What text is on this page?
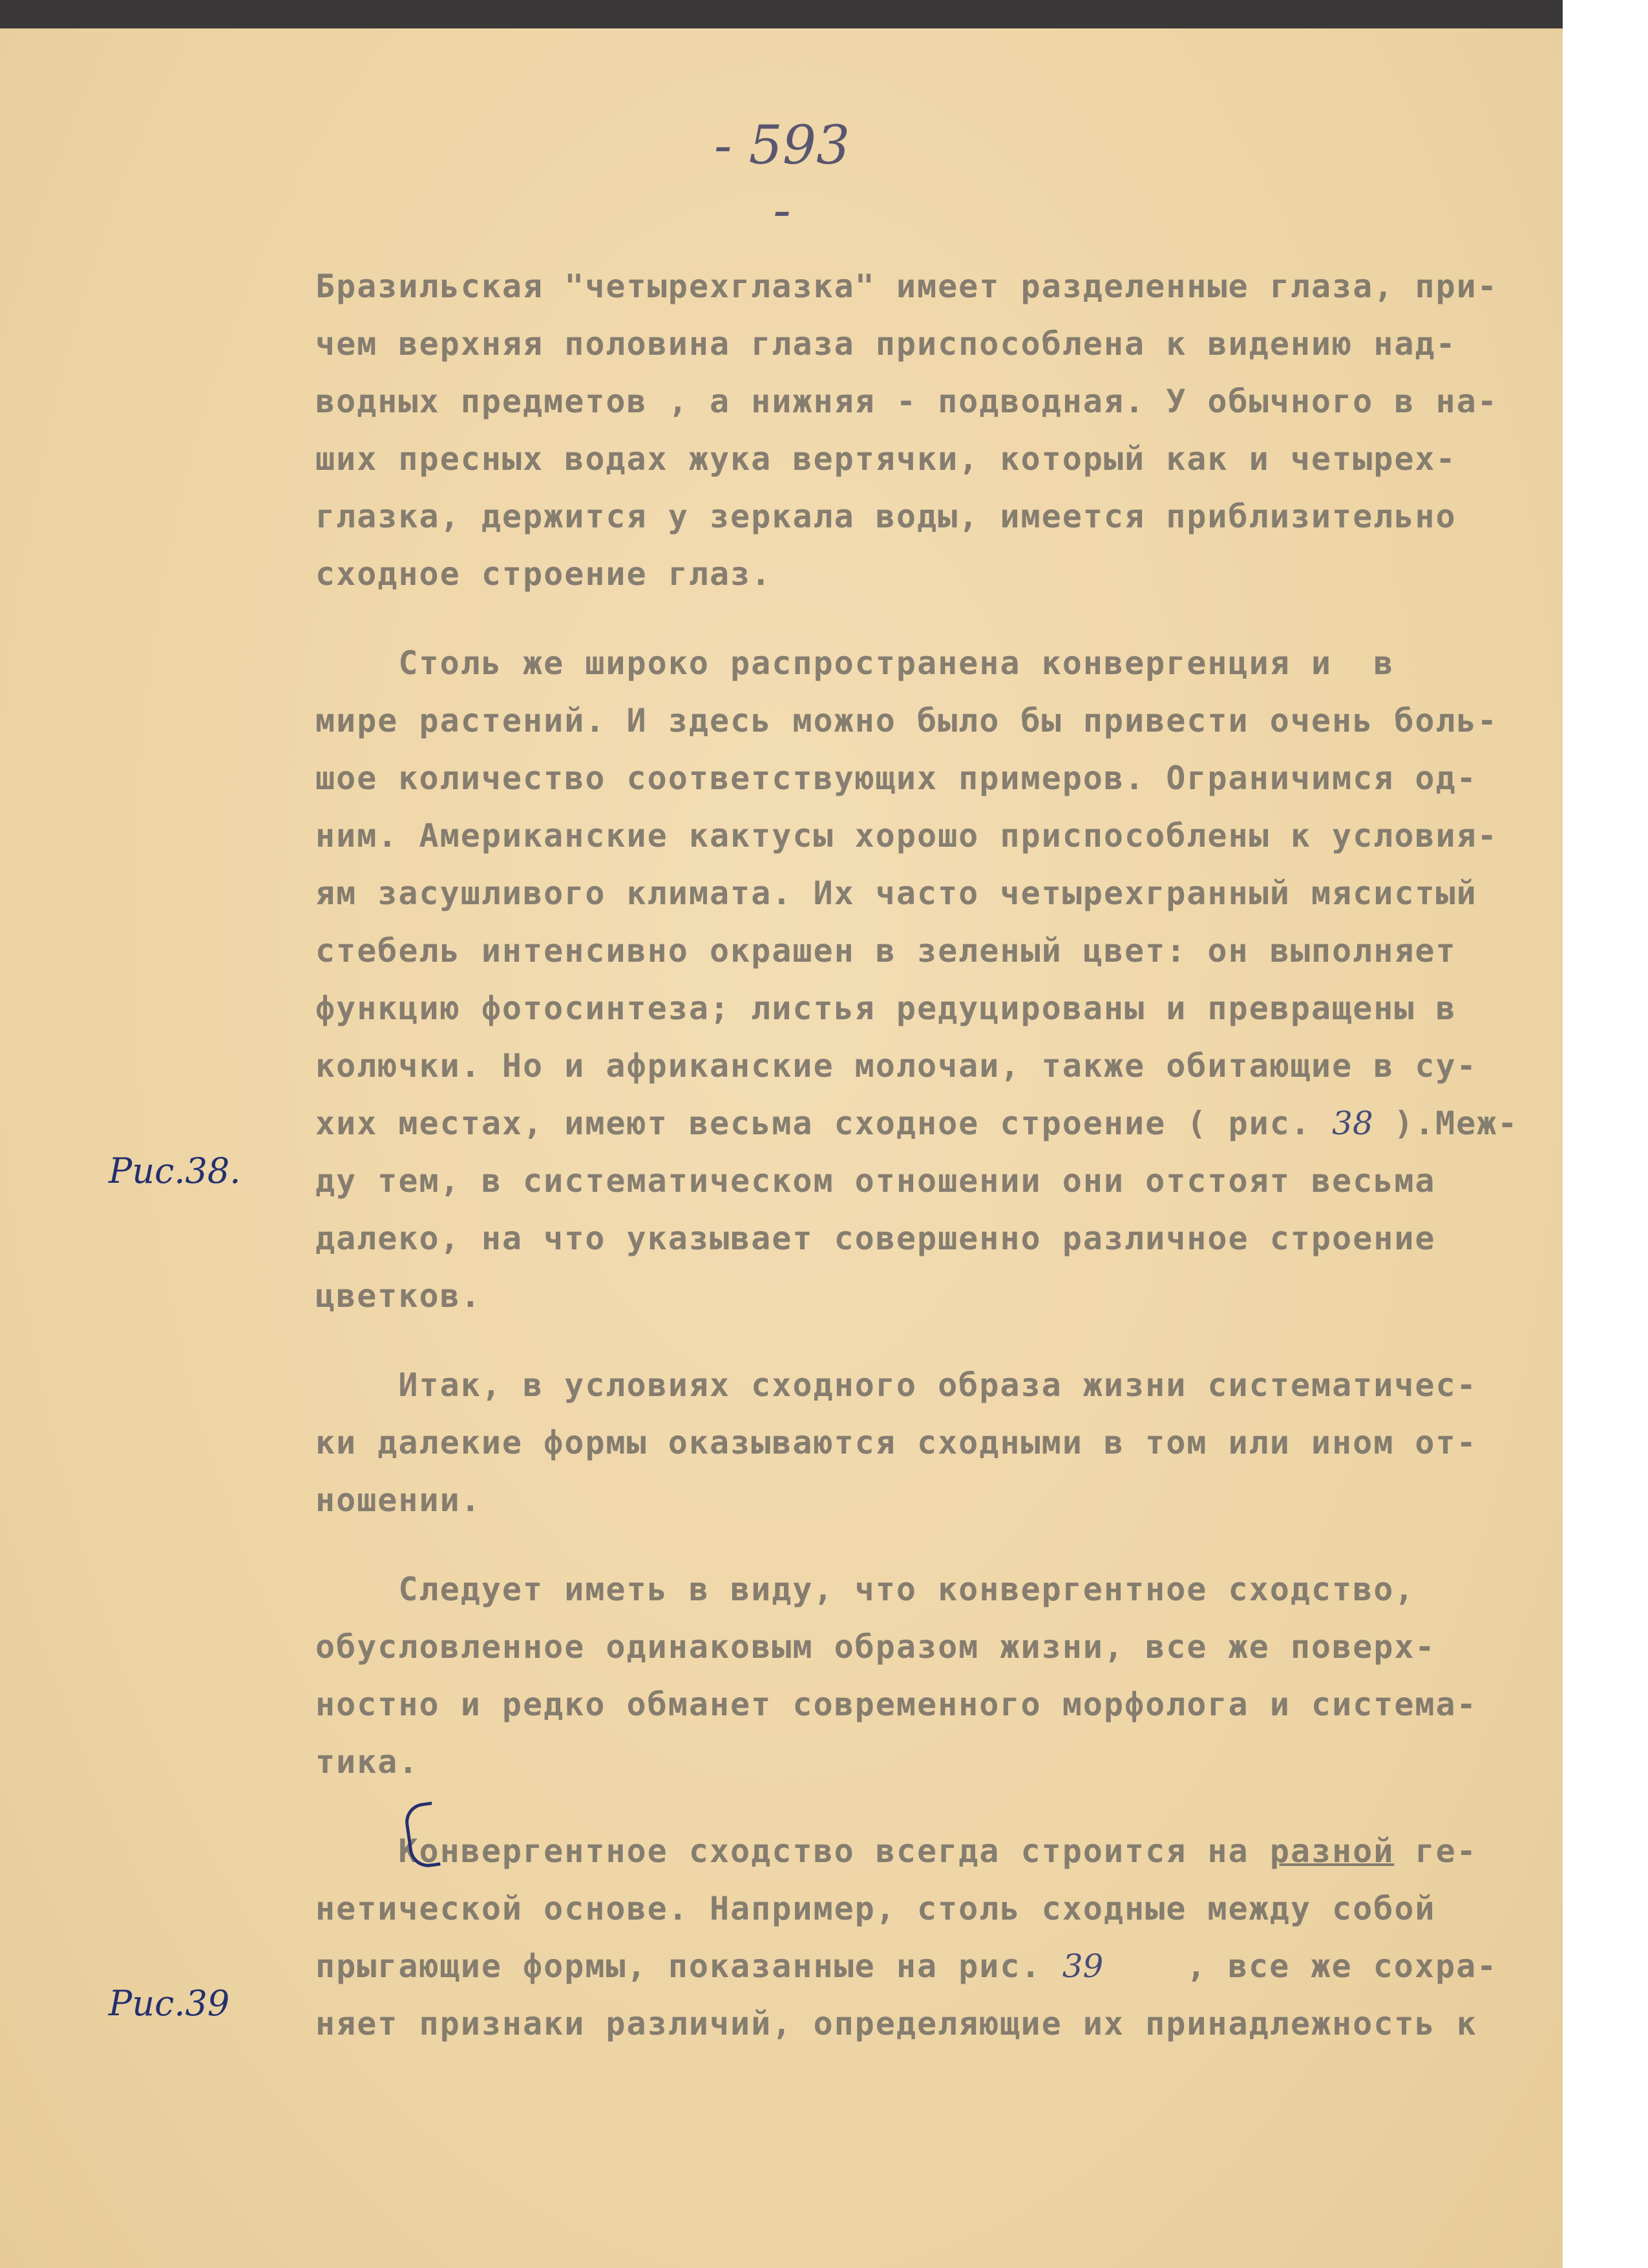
- 593 -
Рис.38.
Рис.39
Бразильская "четырехглазка" имеет разделенные глаза, при-
чем верхняя половина глаза приспособлена к видению над-
водных предметов , а нижняя - подводная. У обычного в на-
ших пресных водах жука вертячки, который как и четырех-
глазка, держится у зеркала воды, имеется приблизительно
сходное строение глаз.
Столь же широко распространена конвергенция и  в
мире растений. И здесь можно было бы привести очень боль-
шое количество соответствующих примеров. Ограничимся од-
ним. Американские кактусы хорошо приспособлены к условия-
ям засушливого климата. Их часто четырехгранный мясистый
стебель интенсивно окрашен в зеленый цвет: он выполняет
функцию фотосинтеза; листья редуцированы и превращены в
колючки. Но и африканские молочаи, также обитающие в су-
хих местах, имеют весьма сходное строение ( рис. 38 ).Меж-
ду тем, в систематическом отношении они отстоят весьма
далеко, на что указывает совершенно различное строение
цветков.
Итак, в условиях сходного образа жизни систематичес-
ки далекие формы оказываются сходными в том или ином от-
ношении.
Следует иметь в виду, что конвергентное сходство,
обусловленное одинаковым образом жизни, все же поверх-
ностно и редко обманет современного морфолога и система-
тика.
Конвергентное сходство всегда строится на разной ге-
нетической основе. Например, столь сходные между собой
прыгающие формы, показанные на рис. 39    , все же сохра-
няет признаки различий, определяющие их принадлежность к
